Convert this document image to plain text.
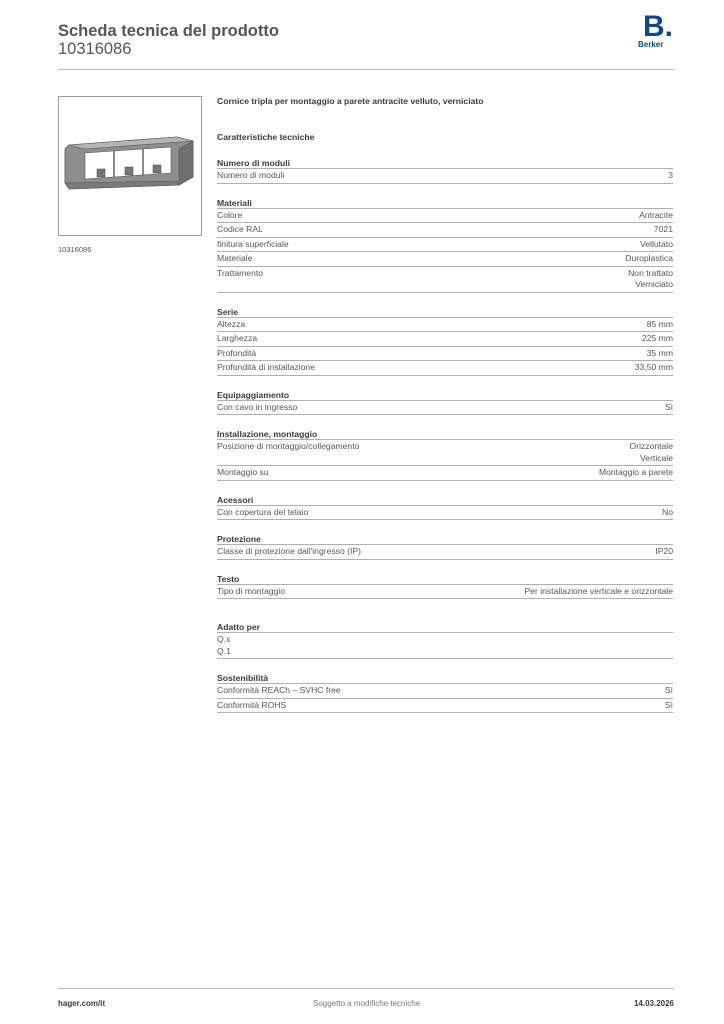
Scheda tecnica del prodotto
10316086
B.
Berker
10316086
Cornice tripla per montaggio a parete antracite velluto, verniciato
Caratteristiche tecniche
Numero di moduli
Numero di moduli	3
Materiali
Colore	Antracite
Codice RAL	7021
finitura superficiale	Vellutato
Materiale	Duroplastica
Trattamento	Non trattato
Verniciato
Serie
Altezza	85 mm
Larghezza	225 mm
Profondità	35 mm
Profondità di installazione	33,50 mm
Equipaggiamento
Con cavo in ingresso	Sì
Installazione, montaggio
Posizione di montaggio/collegamento	Orizzontale
Verticale
Montaggio su	Montaggio a parete
Acessori
Con copertura del telaio	No
Protezione
Classe di protezione dall'ingresso (IP)	IP20
Testo
Tipo di montaggio	Per installazione verticale e orizzontale
Adatto per
Q.x
Q.1
Sostenibilità
Conformità REACh – SVHC free	Sì
Conformità ROHS	Sì
hager.com/it	Soggetto a modifiche tecniche	14.03.2026
